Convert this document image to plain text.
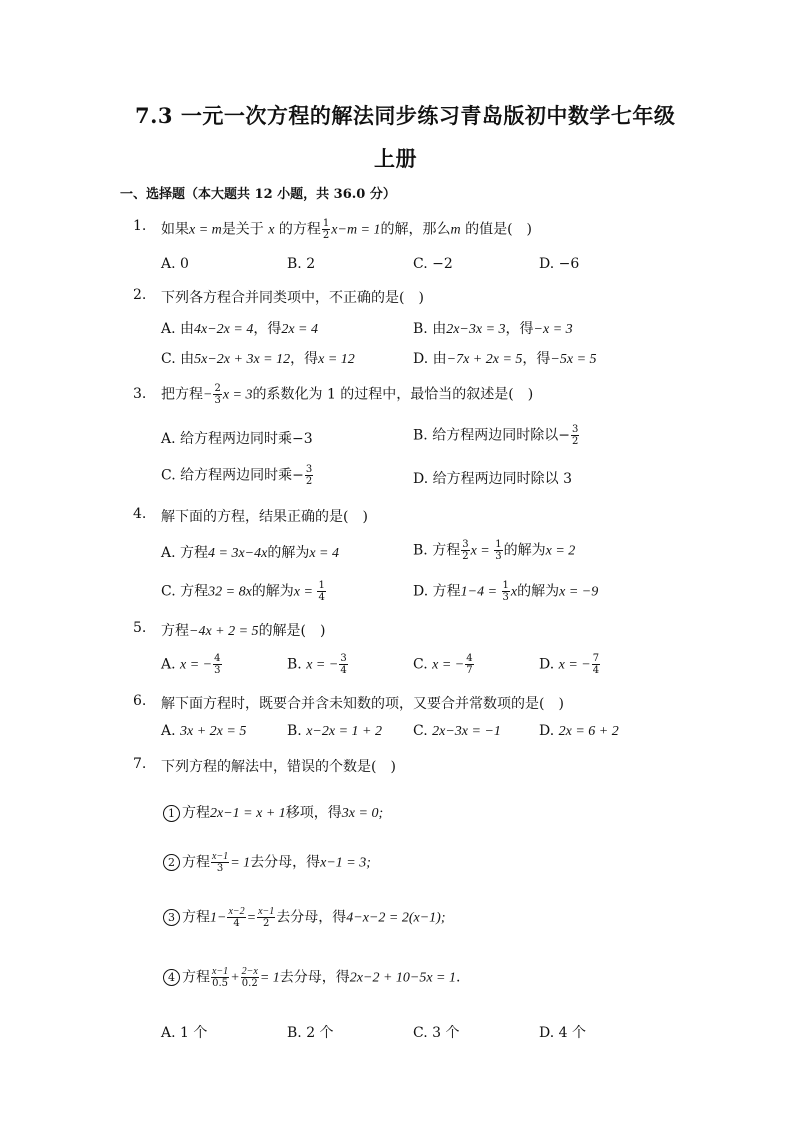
7.3 一元一次方程的解法同步练习青岛版初中数学七年级
上册
一、选择题（本大题共 12 小题，共 36.0 分）
1. 如果x = m是关于 x 的方程 $\frac{1}{2} x-m = 1$的解，那么m 的值是(　)
A. 0	B. 2	C. −2	D. −6
2. 下列各方程合并同类项中，不正确的是(　)
A. 由4x−2x = 4，得2x = 4	B. 由2x−3x = 3，得−x = 3
C. 由5x−2x + 3x = 12，得x = 12	D. 由−7x + 2x = 5，得−5x = 5
3. 把方程− $\frac{2}{3}$ x = 3的系数化为 1 的过程中，最恰当的叙述是(　)
A. 给方程两边同时乘−3	B. 给方程两边同时除以− $\frac{3}{2}$
C. 给方程两边同时乘− $\frac{3}{2}$	D. 给方程两边同时除以 3
4. 解下面的方程，结果正确的是(　)
A. 方程4 = 3x−4x的解为x = 4	B. 方程 $\frac{3}{2}$ $x = \frac{1}{3}$ 的解为x = 2
C. 方程32 = 8x的解为$x = \frac{1}{4}$	D. 方程$1-4 = \frac{1}{3}$ x的解为x = −9
5. 方程−4x + 2 = 5的解是(　)
A. x = − $\frac{4}{3}$	B. x = − $\frac{3}{4}$	C. x = − $\frac{4}{7}$	D. x = − $\frac{7}{4}$
6. 解下面方程时，既要合并含未知数的项，又要合并常数项的是(　)
A. 3x + 2x = 5	B. x−2x = 1 + 2 C. 2x−3x = −1	D. 2x = 6 + 2
7. 下列方程的解法中，错误的个数是(　)
1 方程2x−1 = x + 1移项，得3x = 0;
2 方程 $\frac{x-1}{3} = 1$去分母，得x−1 = 3;
3 方程$1- \frac{x-2}{4} = \frac{x-1}{2}$ 去分母，得4−x−2 = 2(x−1);
4 方程 $\frac{x-1}{0.5} + \frac{2-x}{0.2} = 1$去分母，得2x−2 + 10−5x = 1.
A. 1 个	B. 2 个	C. 3 个	D. 4 个
